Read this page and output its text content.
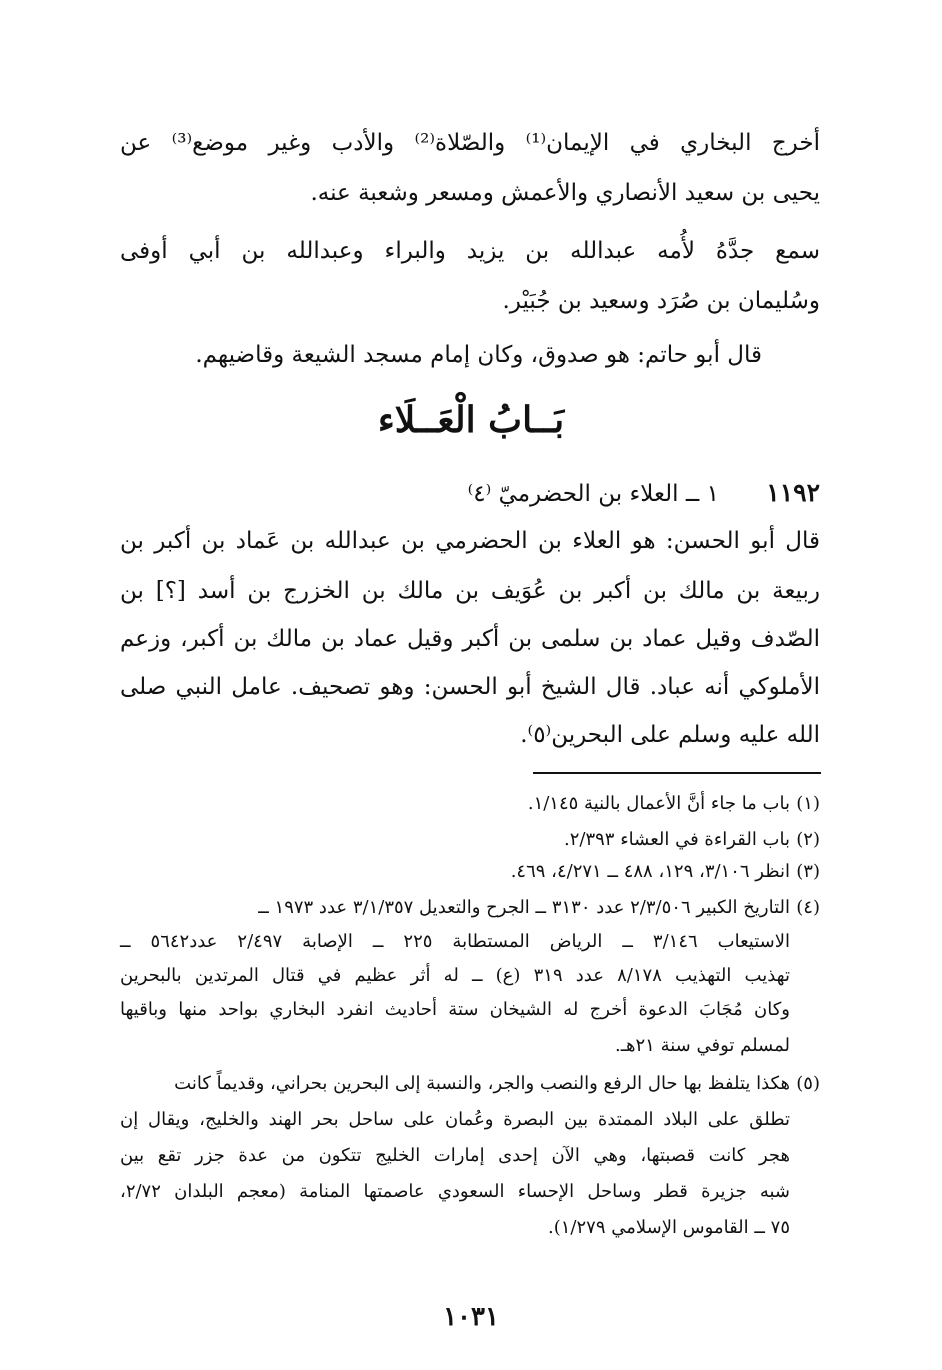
أخرج البخاري في الإيمان⁽¹⁾ والصّلاة⁽²⁾ والأدب وغير موضع⁽³⁾ عن
يحيى بن سعيد الأنصاري والأعمش ومسعر وشعبة عنه.
سمع جدَّهُ لأُمه عبدالله بن يزيد والبراء وعبدالله بن أبي أوفى
وسُليمان بن صُرَد وسعيد بن جُبَيْر.
قال أبو حاتم: هو صدوق، وكان إمام مسجد الشيعة وقاضيهم.
بَــابُ الْعَــلَاء
١١٩٢ ١ ــ العلاء بن الحضرميّ ⁽٤⁾
قال أبو الحسن: هو العلاء بن الحضرمي بن عبدالله بن عَماد بن أكبر بن
ربيعة بن مالك بن أكبر بن عُوَيف بن مالك بن الخزرج بن أسد [؟] بن
الصّدف وقيل عماد بن سلمى بن أكبر وقيل عماد بن مالك بن أكبر، وزعم
الأملوكي أنه عباد. قال الشيخ أبو الحسن: وهو تصحيف. عامل النبي صلى
الله عليه وسلم على البحرين⁽٥⁾.
(١)باب ما جاء أنَّ الأعمال بالنية ١/١٤٥.
(٢)باب القراءة في العشاء ٢/٣٩٣.
(٣)انظر ٣/١٠٦، ١٢٩، ٤٨٨ ــ ٤/٢٧١، ٤٦٩.
(٤)التاريخ الكبير ٢/٣/٥٠٦ عدد ٣١٣٠ ــ الجرح والتعديل ٣/١/٣٥٧ عدد ١٩٧٣ ــ
الاستيعاب ٣/١٤٦ ــ الرياض المستطابة ٢٢٥ ــ الإصابة ٢/٤٩٧ عدد٥٦٤٢ ــ
تهذيب التهذيب ٨/١٧٨ عدد ٣١٩ (ع) ــ له أثر عظيم في قتال المرتدين بالبحرين
وكان مُجَابَ الدعوة أخرج له الشيخان ستة أحاديث انفرد البخاري بواحد منها وباقيها
لمسلم توفي سنة ٢١هـ.
(٥)هكذا يتلفظ بها حال الرفع والنصب والجر، والنسبة إلى البحرين بحراني، وقديماً كانت
تطلق على البلاد الممتدة بين البصرة وعُمان على ساحل بحر الهند والخليج، ويقال إن
هجر كانت قصبتها، وهي الآن إحدى إمارات الخليج تتكون من عدة جزر تقع بين
شبه جزيرة قطر وساحل الإحساء السعودي عاصمتها المنامة (معجم البلدان ٢/٧٢،
٧٥ ــ القاموس الإسلامي ١/٢٧٩).
١٠٣١
